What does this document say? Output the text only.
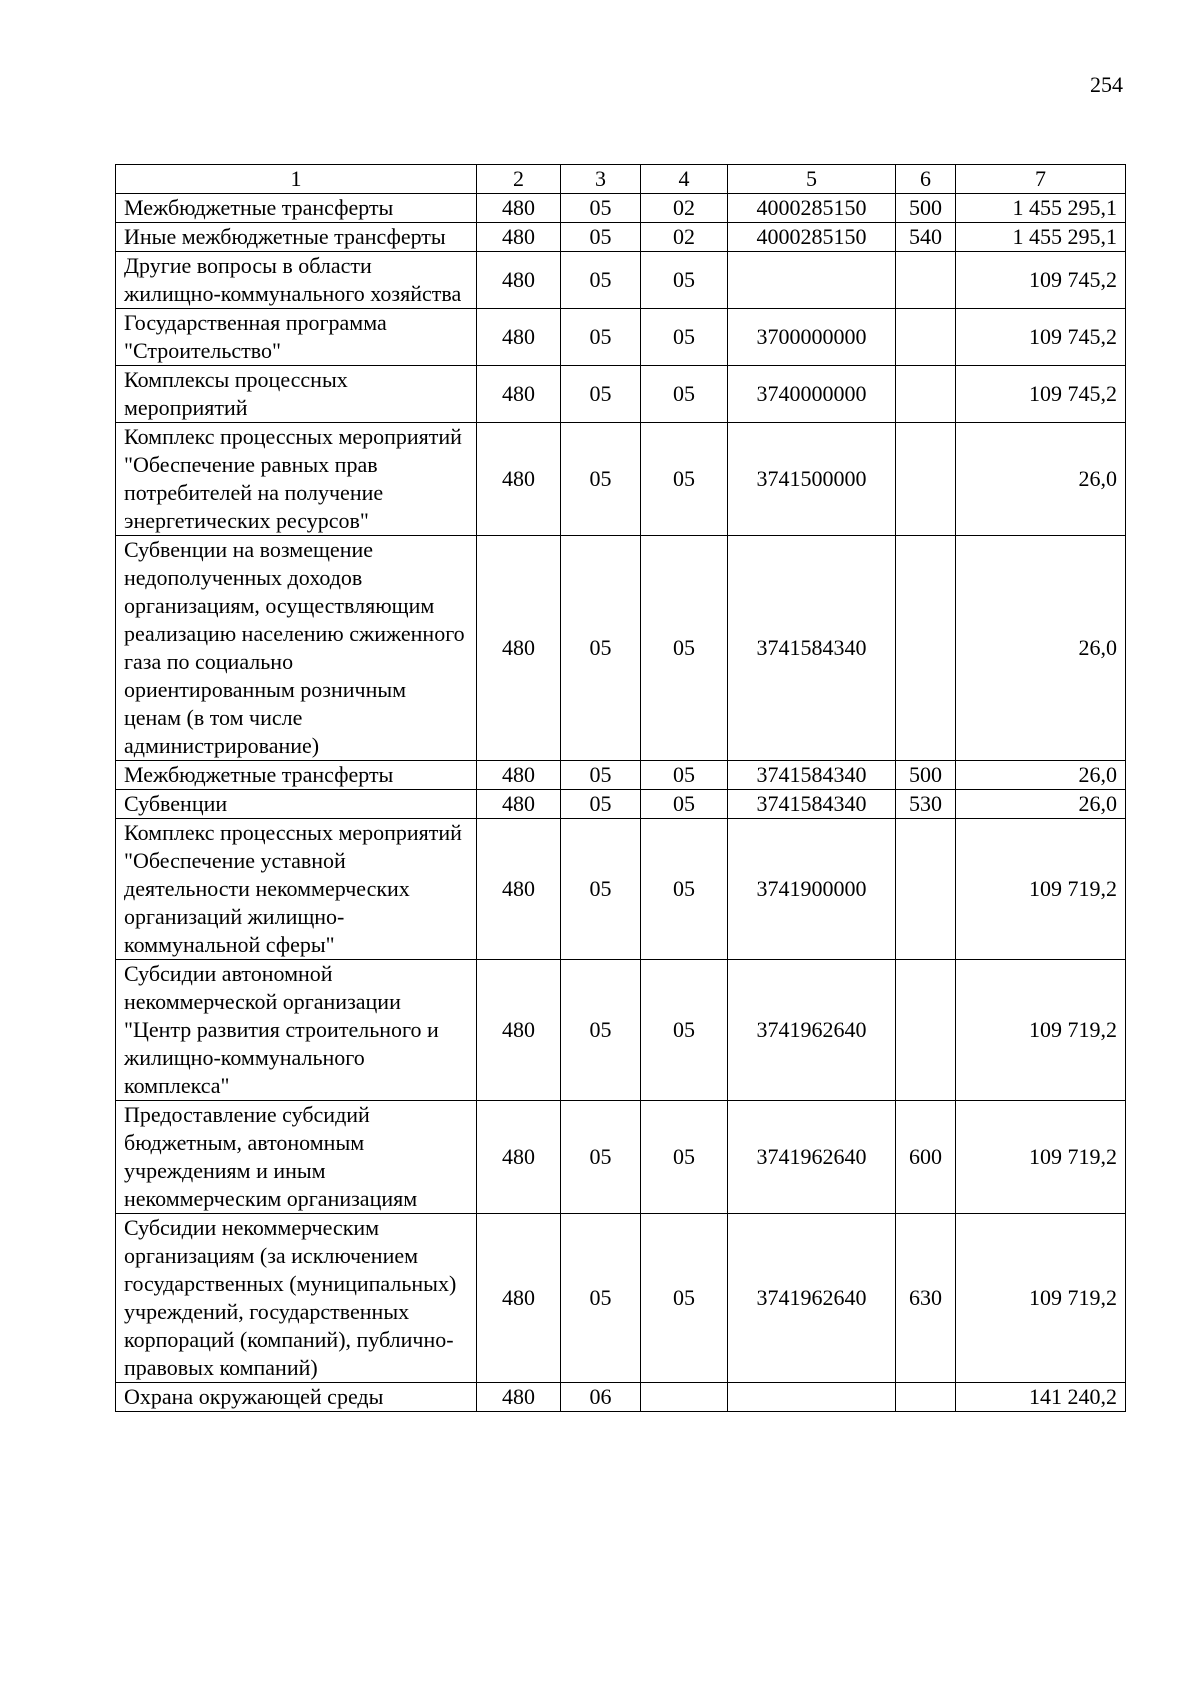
254
1	2	3	4	5	6	7
Межбюджетные трансферты	480	05	02	4000285150	500	1 455 295,1
Иные межбюджетные трансферты	480	05	02	4000285150	540	1 455 295,1
Другие вопросы в области жилищно-коммунального хозяйства	480	05	05			109 745,2
Государственная программа "Строительство"	480	05	05	3700000000		109 745,2
Комплексы процессных мероприятий	480	05	05	3740000000		109 745,2
Комплекс процессных мероприятий "Обеспечение равных прав потребителей на получение энергетических ресурсов"	480	05	05	3741500000		26,0
Субвенции на возмещение недополученных доходов организациям, осуществляющим реализацию населению сжиженного газа по социально ориентированным розничным ценам (в том числе администрирование)	480	05	05	3741584340		26,0
Межбюджетные трансферты	480	05	05	3741584340	500	26,0
Субвенции	480	05	05	3741584340	530	26,0
Комплекс процессных мероприятий "Обеспечение уставной деятельности некоммерческих организаций жилищно-коммунальной сферы"	480	05	05	3741900000		109 719,2
Субсидии автономной некоммерческой организации "Центр развития строительного и жилищно-коммунального комплекса"	480	05	05	3741962640		109 719,2
Предоставление субсидий бюджетным, автономным учреждениям и иным некоммерческим организациям	480	05	05	3741962640	600	109 719,2
Субсидии некоммерческим организациям (за исключением государственных (муниципальных) учреждений, государственных корпораций (компаний), публично-правовых компаний)	480	05	05	3741962640	630	109 719,2
Охрана окружающей среды	480	06				141 240,2
